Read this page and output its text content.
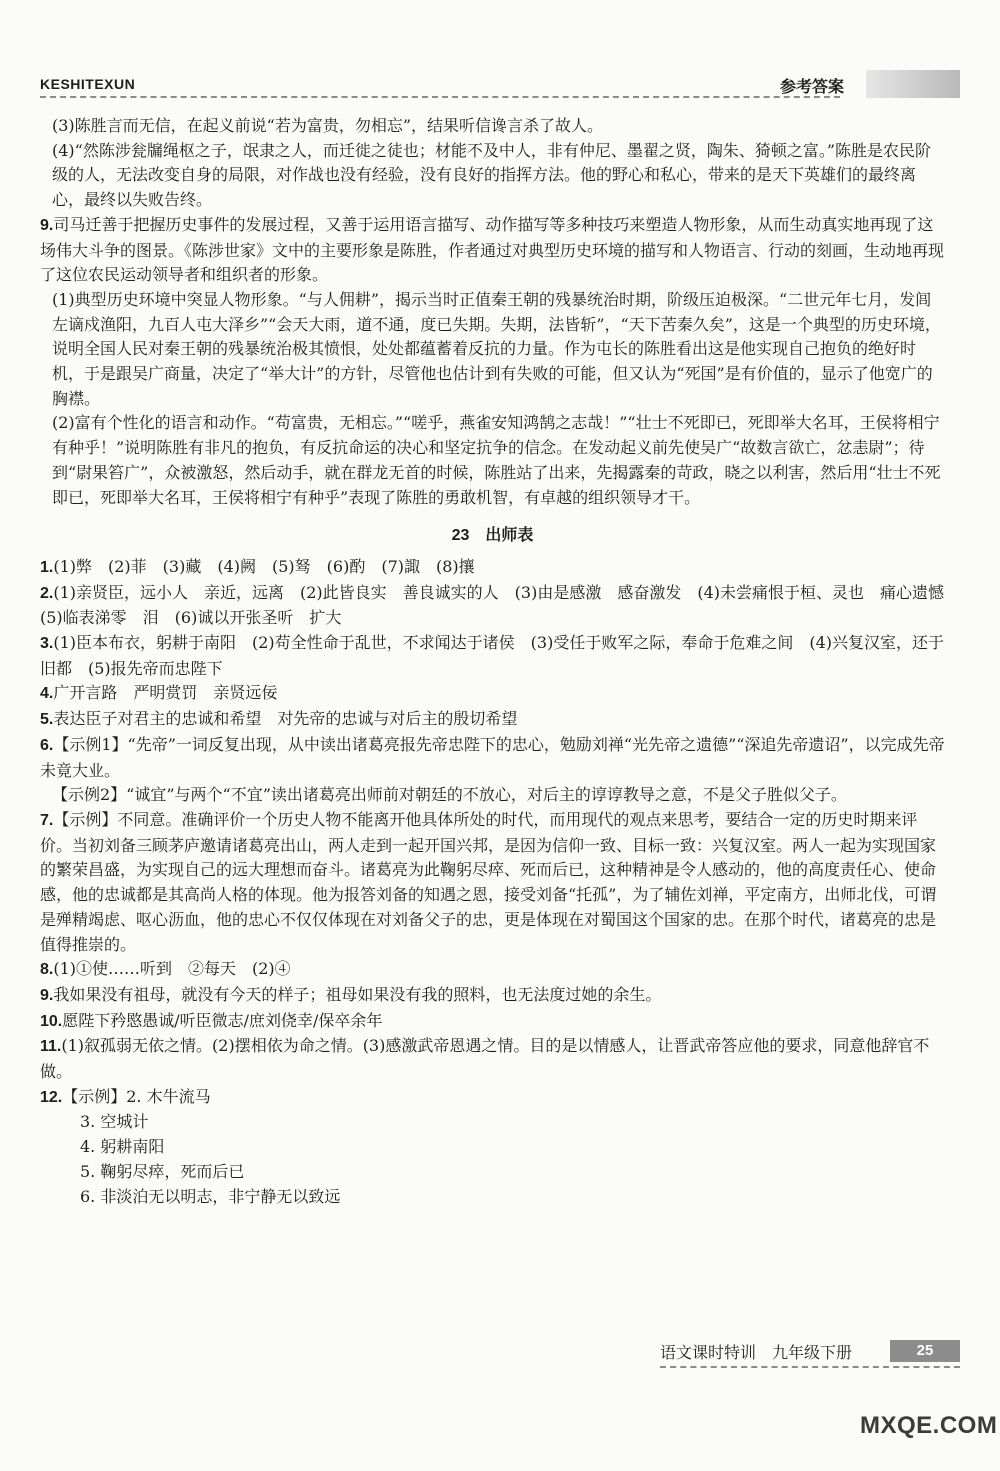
KESHITEXUN	参考答案

(3)陈胜言而无信，在起义前说“若为富贵，勿相忘”，结果听信谗言杀了故人。

(4)“然陈涉瓮牖绳枢之子，氓隶之人，而迁徙之徒也；材能不及中人，非有仲尼、墨翟之贤，陶朱、猗顿之富。”陈胜是农民阶级的人，无法改变自身的局限，对作战也没有经验，没有良好的指挥方法。他的野心和私心，带来的是天下英雄们的最终离心，最终以失败告终。

9.司马迁善于把握历史事件的发展过程，又善于运用语言描写、动作描写等多种技巧来塑造人物形象，从而生动真实地再现了这场伟大斗争的图景。《陈涉世家》文中的主要形象是陈胜，作者通过对典型历史环境的描写和人物语言、行动的刻画，生动地再现了这位农民运动领导者和组织者的形象。

(1)典型历史环境中突显人物形象。“与人佣耕”，揭示当时正值秦王朝的残暴统治时期，阶级压迫极深。“二世元年七月，发闾左谪戍渔阳，九百人屯大泽乡”“会天大雨，道不通，度已失期。失期，法皆斩”，“天下苦秦久矣”，这是一个典型的历史环境，说明全国人民对秦王朝的残暴统治极其愤恨，处处都蕴蓄着反抗的力量。作为屯长的陈胜看出这是他实现自己抱负的绝好时机，于是跟吴广商量，决定了“举大计”的方针，尽管他也估计到有失败的可能，但又认为“死国”是有价值的，显示了他宽广的胸襟。

(2)富有个性化的语言和动作。“苟富贵，无相忘。”“嗟乎，燕雀安知鸿鹄之志哉！”“壮士不死即已，死即举大名耳，王侯将相宁有种乎！”说明陈胜有非凡的抱负，有反抗命运的决心和坚定抗争的信念。在发动起义前先使吴广“故数言欲亡，忿恚尉”；待到“尉果笞广”，众被激怒，然后动手，就在群龙无首的时候，陈胜站了出来，先揭露秦的苛政，晓之以利害，然后用“壮士不死即已，死即举大名耳，王侯将相宁有种乎”表现了陈胜的勇敢机智，有卓越的组织领导才干。

23　出师表

1.(1)弊　(2)菲　(3)藏　(4)阙　(5)驽　(6)酌　(7)諏　(8)攘

2.(1)亲贤臣，远小人　亲近，远离　(2)此皆良实　善良诚实的人　(3)由是感激　感奋激发　(4)未尝痛恨于桓、灵也　痛心遗憾　(5)临表涕零　泪　(6)诚以开张圣听　扩大

3.(1)臣本布衣，躬耕于南阳　(2)苟全性命于乱世，不求闻达于诸侯　(3)受任于败军之际，奉命于危难之间　(4)兴复汉室，还于旧都　(5)报先帝而忠陛下

4.广开言路　严明赏罚　亲贤远佞

5.表达臣子对君主的忠诚和希望　对先帝的忠诚与对后主的殷切希望

6.【示例1】“先帝”一词反复出现，从中读出诸葛亮报先帝忠陛下的忠心，勉励刘禅“光先帝之遗德”“深追先帝遗诏”，以完成先帝未竟大业。

【示例2】“诚宜”与两个“不宜”读出诸葛亮出师前对朝廷的不放心，对后主的谆谆教导之意，不是父子胜似父子。

7.【示例】不同意。准确评价一个历史人物不能离开他具体所处的时代，而用现代的观点来思考，要结合一定的历史时期来评价。当初刘备三顾茅庐邀请诸葛亮出山，两人走到一起开国兴邦，是因为信仰一致、目标一致：兴复汉室。两人一起为实现国家的繁荣昌盛，为实现自己的远大理想而奋斗。诸葛亮为此鞠躬尽瘁、死而后已，这种精神是令人感动的，他的高度责任心、使命感，他的忠诚都是其高尚人格的体现。他为报答刘备的知遇之恩，接受刘备“托孤”，为了辅佐刘禅，平定南方，出师北伐，可谓是殚精竭虑、呕心沥血，他的忠心不仅仅体现在对刘备父子的忠，更是体现在对蜀国这个国家的忠。在那个时代，诸葛亮的忠是值得推崇的。

8.(1)①使……听到　②每天　(2)④

9.我如果没有祖母，就没有今天的样子；祖母如果没有我的照料，也无法度过她的余生。

10.愿陛下矜愍愚诚/听臣微志/庶刘侥幸/保卒余年

11.(1)叙孤弱无依之情。(2)摆相依为命之情。(3)感激武帝恩遇之情。目的是以情感人，让晋武帝答应他的要求，同意他辞官不做。

12.【示例】2. 木牛流马

3. 空城计

4. 躬耕南阳

5. 鞠躬尽瘁，死而后已

6. 非淡泊无以明志，非宁静无以致远

语文课时特训　九年级下册	25
MXQE.COM
